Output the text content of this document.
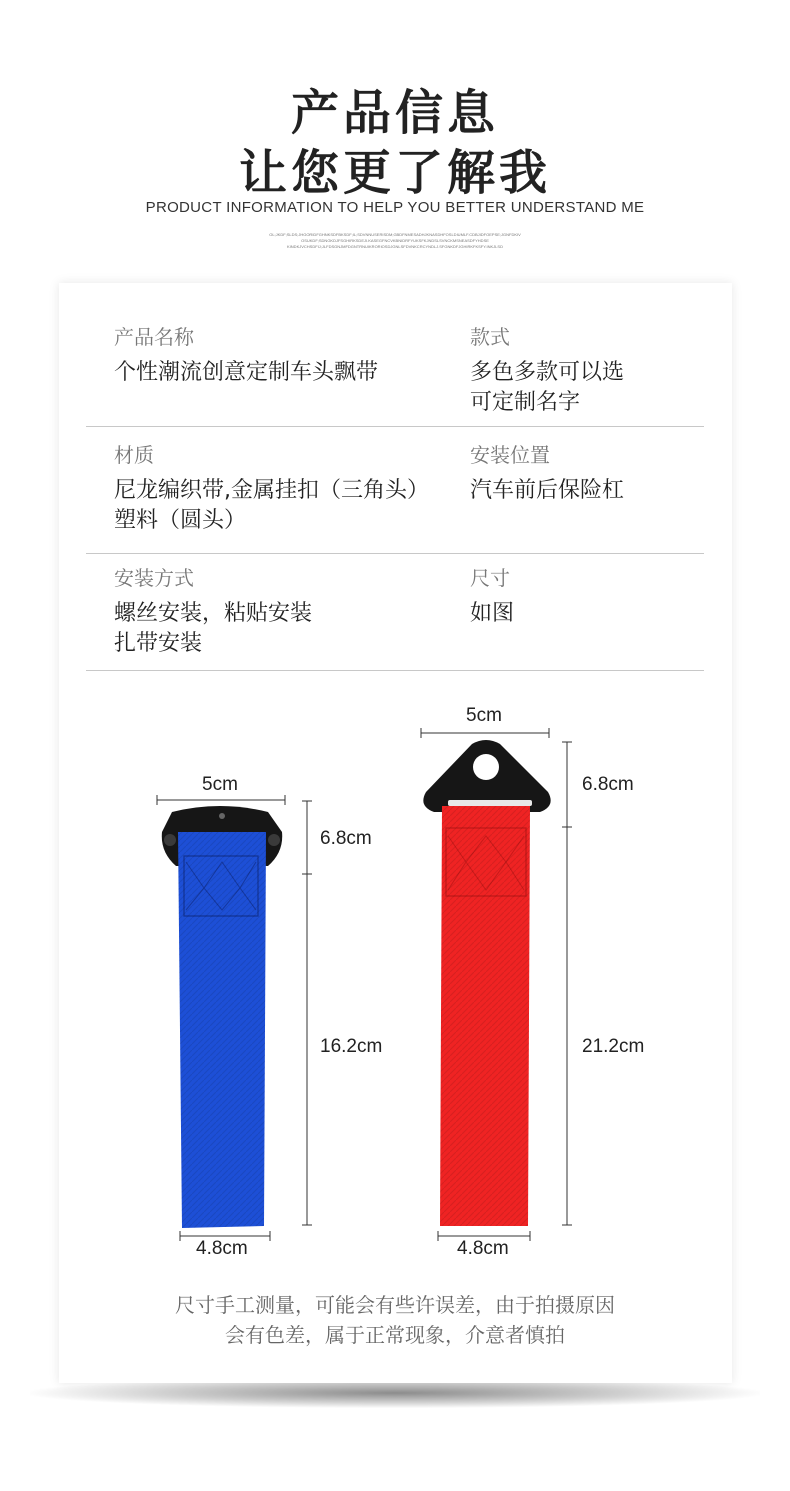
产品信息
让您更了解我
PRODUCT INFORMATION TO HELP YOU BETTER UNDERSTAND ME
OL;JKDF;SLDS;JHGORIDFGHNKSDFBKSDF;IL;SDVNNUSERISDM;GBDFNMESADHJKNASDHFOSLDIUMLF.CDBJIDFOEPSE;JGNFDKIV
OSUKDF;SDNGKDJFSGHIRKSDEJI.KASEGFNCVKBNIDRFYUKSFKJNDSLSVNCKMSNEASDFYHDSE
KINDKJVCHSDFIJ;JLFDSGNJMFDGNTRNUIKRORIOSDJGNLSFDVNKCRCYNDLJ.SFGNKDFJGHIRKFKSFY.INKJLSD
产品名称
个性潮流创意定制车头飘带
款式
多色多款可以选
可定制名字
材质
尼龙编织带,金属挂扣（三角头）
塑料（圆头）
安装位置
汽车前后保险杠
安装方式
螺丝安装，粘贴安装
扎带安装
尺寸
如图
5cm
6.8cm
16.2cm
4.8cm
5cm
6.8cm
21.2cm
4.8cm
尺寸手工测量，可能会有些许误差，由于拍摄原因
会有色差，属于正常现象，介意者慎拍
